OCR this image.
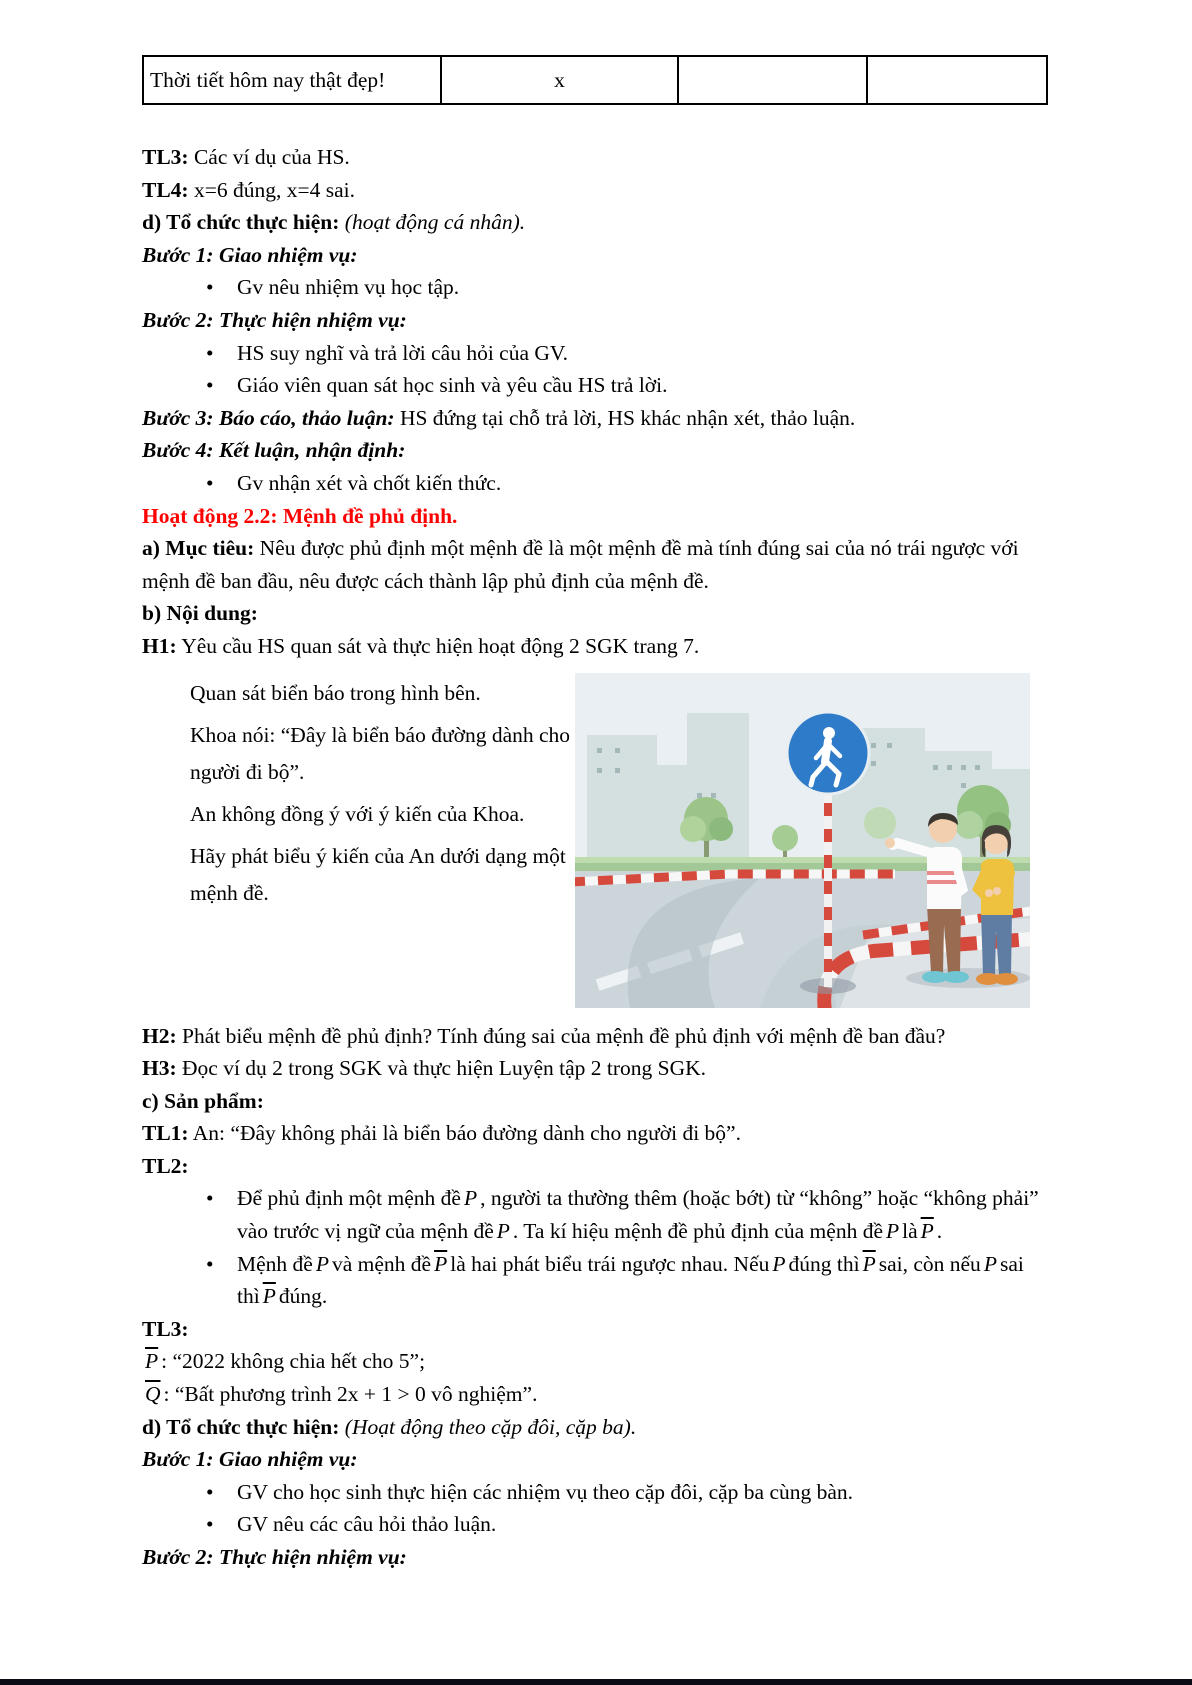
Thời tiết hôm nay thật đẹp!	x		

TL3: Các ví dụ của HS.

TL4: x=6 đúng, x=4 sai.

d) Tổ chức thực hiện: (hoạt động cá nhân).

Bước 1: Giao nhiệm vụ:

• Gv nêu nhiệm vụ học tập.

Bước 2: Thực hiện nhiệm vụ:

• HS suy nghĩ và trả lời câu hỏi của GV.

• Giáo viên quan sát học sinh và yêu cầu HS trả lời.

Bước 3: Báo cáo, thảo luận: HS đứng tại chỗ trả lời, HS khác nhận xét, thảo luận.

Bước 4: Kết luận, nhận định:

• Gv nhận xét và chốt kiến thức.

Hoạt động 2.2: Mệnh đề phủ định.

a) Mục tiêu: Nêu được phủ định một mệnh đề là một mệnh đề mà tính đúng sai của nó trái ngược với mệnh đề ban đầu, nêu được cách thành lập phủ định của mệnh đề.

b) Nội dung:

H1: Yêu cầu HS quan sát và thực hiện hoạt động 2 SGK trang 7.

Quan sát biển báo trong hình bên.

Khoa nói: “Đây là biển báo đường dành cho người đi bộ”.

An không đồng ý với ý kiến của Khoa.

Hãy phát biểu ý kiến của An dưới dạng một mệnh đề.

H2: Phát biểu mệnh đề phủ định? Tính đúng sai của mệnh đề phủ định với mệnh đề ban đầu?

H3: Đọc ví dụ 2 trong SGK và thực hiện Luyện tập 2 trong SGK.

c) Sản phẩm:

TL1: An: “Đây không phải là biển báo đường dành cho người đi bộ”.

TL2:

• Để phủ định một mệnh đề P , người ta thường thêm (hoặc bớt) từ “không” hoặc “không phải” vào trước vị ngữ của mệnh đề P . Ta kí hiệu mệnh đề phủ định của mệnh đề P là $\overline{P}$ .

• Mệnh đề P và mệnh đề $\overline{P}$ là hai phát biểu trái ngược nhau. Nếu P đúng thì $\overline{P}$ sai, còn nếu P sai thì $\overline{P}$ đúng.

TL3:

$\overline{P}$ : “2022 không chia hết cho 5”;

$\overline{Q}$ : “Bất phương trình 2x + 1 > 0 vô nghiệm”.

d) Tổ chức thực hiện: (Hoạt động theo cặp đôi, cặp ba).

Bước 1: Giao nhiệm vụ:

• GV cho học sinh thực hiện các nhiệm vụ theo cặp đôi, cặp ba cùng bàn.

• GV nêu các câu hỏi thảo luận.

Bước 2: Thực hiện nhiệm vụ:
